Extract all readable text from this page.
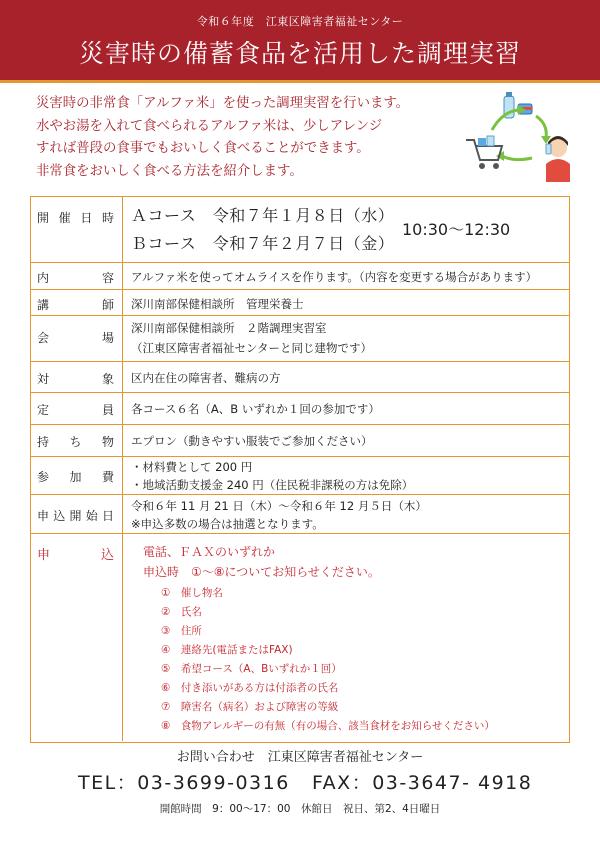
令和６年度　江東区障害者福祉センター
災害時の備蓄食品を活用した調理実習
災害時の非常食「アルファ米」を使った調理実習を行います。
水やお湯を入れて食べられるアルファ米は、少しアレンジ
すれば普段の食事でもおいしく食べることができます。
非常食をおいしく食べる方法を紹介します。
開催日時 Ａコース　令和７年１月８日（水）
Ｂコース　令和７年２月７日（金）
10:30〜12:30
内　容 アルファ米を使ってオムライスを作ります。（内容を変更する場合があります）
講　師 深川南部保健相談所　管理栄養士
会　場
深川南部保健相談所　２階調理実習室
（江東区障害者福祉センターと同じ建物です）
対　象 区内在住の障害者、難病の方
定　員 各コース６名（A、B いずれか１回の参加です）
持ち物 エプロン（動きやすい服装でご参加ください）
参加費
・材料費として 200 円
・地域活動支援金 240 円（住民税非課税の方は免除）
申込開始日
令和６年 11 月 21 日（木）〜令和６年 12 月５日（木）
※申込多数の場合は抽選となります。
申　込 電話、ＦＡＸのいずれか
申込時　①〜⑧についてお知らせください。
①　催し物名
②　氏名
③　住所
④　連絡先(電話またはFAX)
⑤　希望コース（A、Bいずれか１回）
⑥　付き添いがある方は付添者の氏名
⑦　障害名（病名）および障害の等級
⑧　食物アレルギーの有無（有の場合、該当食材をお知らせください）
お問い合わせ　江東区障害者福祉センター
TEL：03-3699-0316 FAX：03-3647- 4918
開館時間　9：00〜17：00　休館日　祝日、第2、4日曜日
